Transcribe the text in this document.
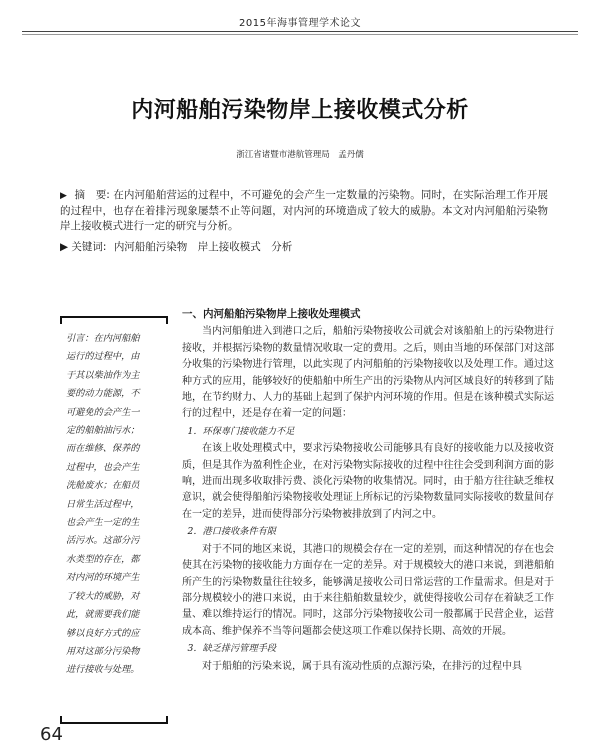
2015年海事管理学术论文
内河船舶污染物岸上接收模式分析
浙江省诸暨市港航管理局　孟丹儒
▶ 摘　要: 在内河船舶营运的过程中，不可避免的会产生一定数量的污染物。同时，在实际治理工作开展的过程中，也存在着排污现象屡禁不止等问题，对内河的环境造成了较大的威胁。本文对内河船舶污染物岸上接收模式进行一定的研究与分析。
▶ 关键词: 内河船舶污染物　岸上接收模式　分析
引言：在内河船舶
运行的过程中，由
于其以柴油作为主
要的动力能源，不
可避免的会产生一
定的船舶油污水；
而在维修、保养的
过程中，也会产生
洗舱废水；在船员
日常生活过程中，
也会产生一定的生
活污水。这部分污
水类型的存在，都
对内河的环境产生
了较大的威胁，对
此，就需要我们能
够以良好方式的应
用对这部分污染物
进行接收与处理。
一、内河船舶污染物岸上接收处理模式

当内河船舶进入到港口之后，船舶污染物接收公司就会对该船舶上的污染物进行接收，并根据污染物的数量情况收取一定的费用。之后，则由当地的环保部门对这部分收集的污染物进行管理，以此实现了内河船舶的污染物接收以及处理工作。通过这种方式的应用，能够较好的使船舶中所生产出的污染物从内河区域良好的转移到了陆地，在节约财力、人力的基础上起到了保护内河环境的作用。但是在该种模式实际运行的过程中，还是存在着一定的问题：

1．环保専门接收能力不足

在该上收处理模式中，要求污染物接收公司能够具有良好的接收能力以及接收资质，但是其作为盈利性企业，在对污染物实际接收的过程中往往会受到利润方面的影响，进而出现多收取排污费、淡化污染物的收集情况。同时，由于船方往往缺乏维权意识，就会使得船舶污染物接收处理证上所标记的污染物数量同实际接收的数量间存在一定的差异，进而使得部分污染物被排放到了内河之中。

2．港口接收条件有限

对于不同的地区来说，其港口的规模会存在一定的差别，而这种情况的存在也会使其在污染物的接收能力方面存在一定的差异。对于规模较大的港口来说，到港船舶所产生的污染物数量往往较多，能够满足接收公司日常运营的工作量需求。但是对于部分规模较小的港口来说，由于来往船舶数量较少，就使得接收公司存在着缺乏工作量、难以维持运行的情况。同时，这部分污染物接收公司一般都属于民营企业，运营成本高、维护保养不当等问题都会使这项工作难以保持长期、高效的开展。

3．缺乏排污管理手段

对于船舶的污染来说，属于具有流动性质的点源污染，在排污的过程中具

64
